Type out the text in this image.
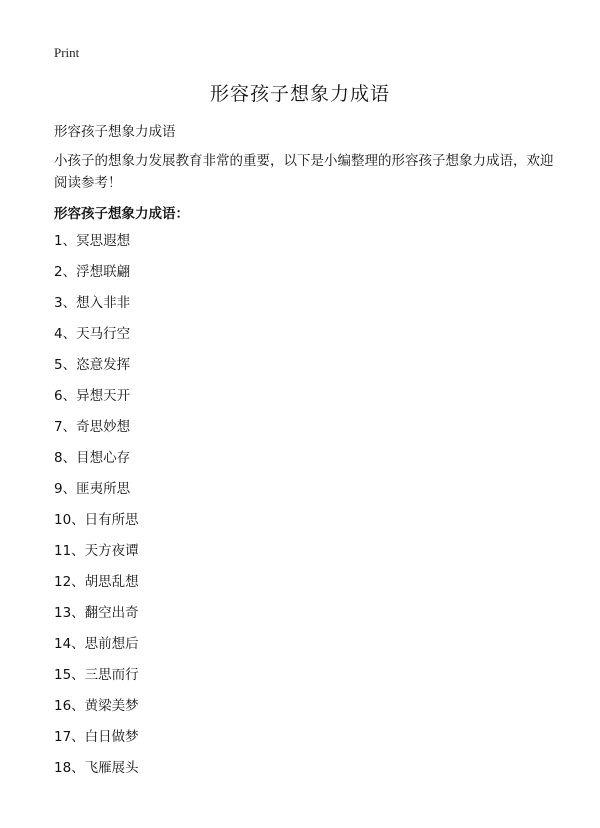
Print
形容孩子想象力成语
形容孩子想象力成语

小孩子的想象力发展教育非常的重要，以下是小编整理的形容孩子想象力成语，欢迎阅读参考！

形容孩子想象力成语：
1、冥思遐想
2、浮想联翩
3、想入非非
4、天马行空
5、恣意发挥
6、异想天开
7、奇思妙想
8、目想心存
9、匪夷所思
10、日有所思
11、天方夜谭
12、胡思乱想
13、翻空出奇
14、思前想后
15、三思而行
16、黄梁美梦
17、白日做梦
18、飞雁展头
